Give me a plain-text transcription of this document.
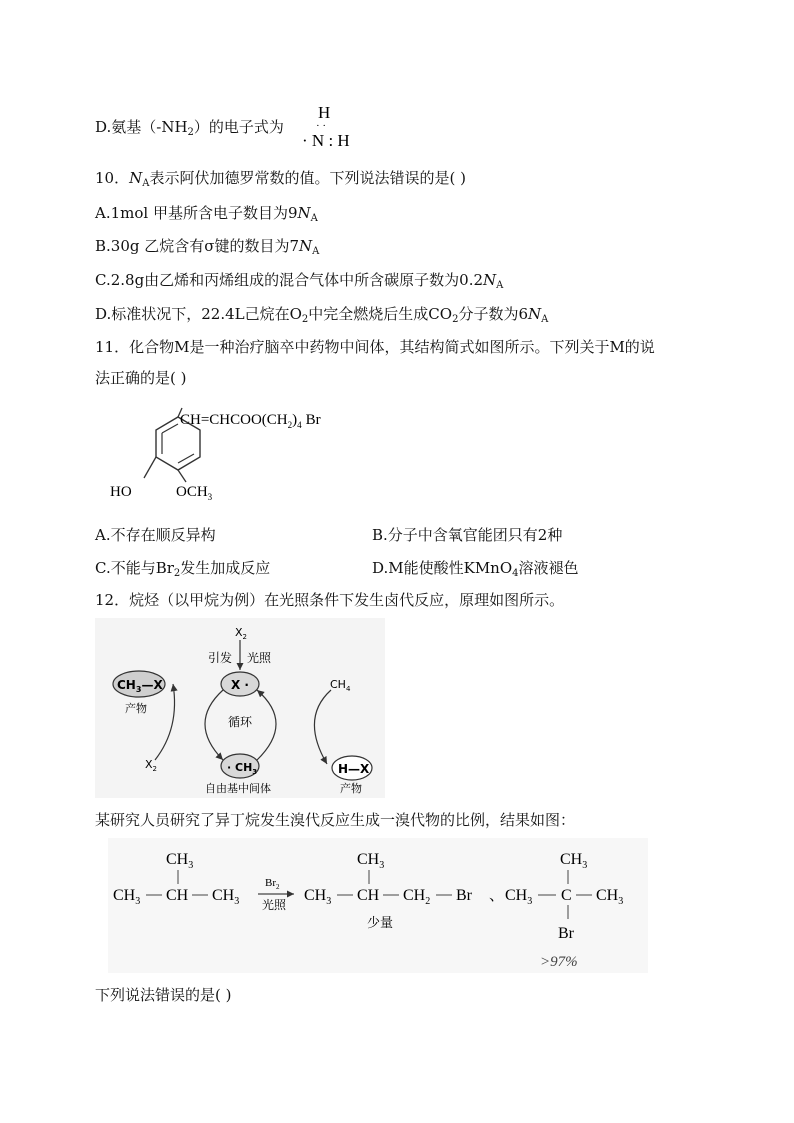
D.氨基$(-NH_2)$的电子式为
H
· ·
· N : H
10．$N_A$表示阿伏加德罗常数的值。下列说法错误的是( )
A.1mol 甲基所含电子数目为$9N_A$
B.30g 乙烷含有σ键的数目为$7N_A$
C.2.8g由乙烯和丙烯组成的混合气体中所含碳原子数为$0.2N_A$
D.标准状况下，22.4L己烷在$O_2$中完全燃烧后生成$CO_2$分子数为$6N_A$
11．化合物M是一种治疗脑卒中药物中间体，其结构简式如图所示。下列关于M的说
法正确的是( )
$CH=CHCOO(CH_2)_4$ Br
HO	$OCH_3$
A.不存在顺反异构	B.分子中含氧官能团只有2种
C.不能与$Br_2$发生加成反应	D.M能使酸性KMnO$_4$溶液褪色
12．烷烃（以甲烷为例）在光照条件下发生卤代反应，原理如图所示。
$X_2$
引发 光照
X ·
$CH_3—X$
产物
循环
$X_2$
$CH_4$
· $CH_3$
自由基中间体
H—X
产物
某研究人员研究了异丁烷发生溴代反应生成一溴代物的比例，结果如图：
$CH_3$
$CH_3$ CH $CH_3$
$Br_2$
光照
$CH_3$
$CH_3$ CH $CH_2$ Br
少量
、
$CH_3$
$CH_3$ C $CH_3$
Br
>97%
下列说法错误的是( )
